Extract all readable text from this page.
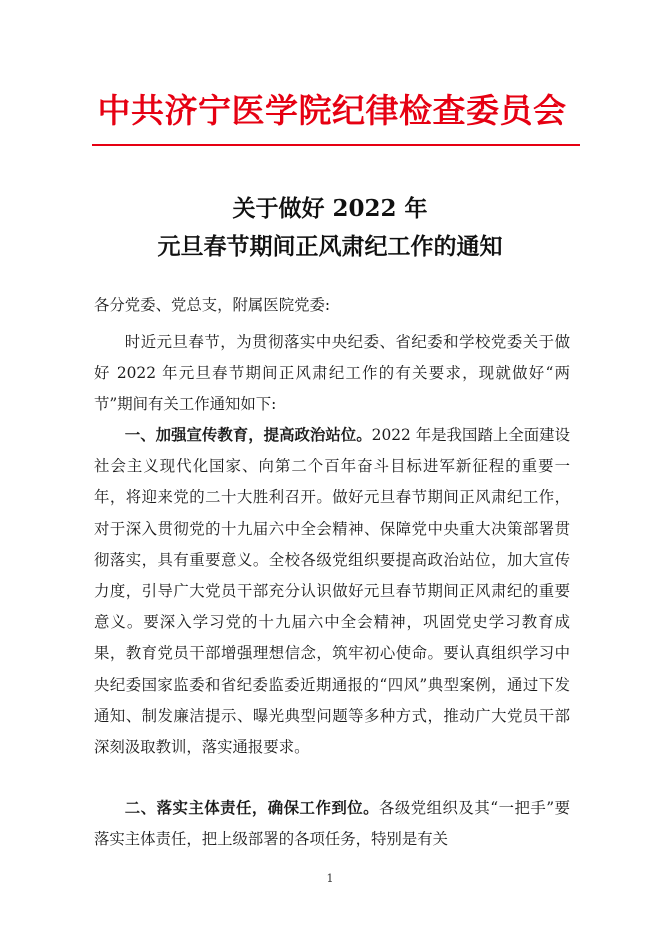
中共济宁医学院纪律检查委员会
关于做好 2022 年
元旦春节期间正风肃纪工作的通知
各分党委、党总支，附属医院党委:

时近元旦春节，为贯彻落实中央纪委、省纪委和学校党委关于做好 2022 年元旦春节期间正风肃纪工作的有关要求，现就做好“两节”期间有关工作通知如下:

一、加强宣传教育，提高政治站位。2022 年是我国踏上全面建设社会主义现代化国家、向第二个百年奋斗目标进军新征程的重要一年，将迎来党的二十大胜利召开。做好元旦春节期间正风肃纪工作，对于深入贯彻党的十九届六中全会精神、保障党中央重大决策部署贯彻落实，具有重要意义。全校各级党组织要提高政治站位，加大宣传力度，引导广大党员干部充分认识做好元旦春节期间正风肃纪的重要意义。要深入学习党的十九届六中全会精神，巩固党史学习教育成果，教育党员干部增强理想信念，筑牢初心使命。要认真组织学习中央纪委国家监委和省纪委监委近期通报的“四风”典型案例，通过下发通知、制发廉洁提示、曝光典型问题等多种方式，推动广大党员干部深刻汲取教训，落实通报要求。

二、落实主体责任，确保工作到位。各级党组织及其“一把手”要落实主体责任，把上级部署的各项任务，特别是有关

1
